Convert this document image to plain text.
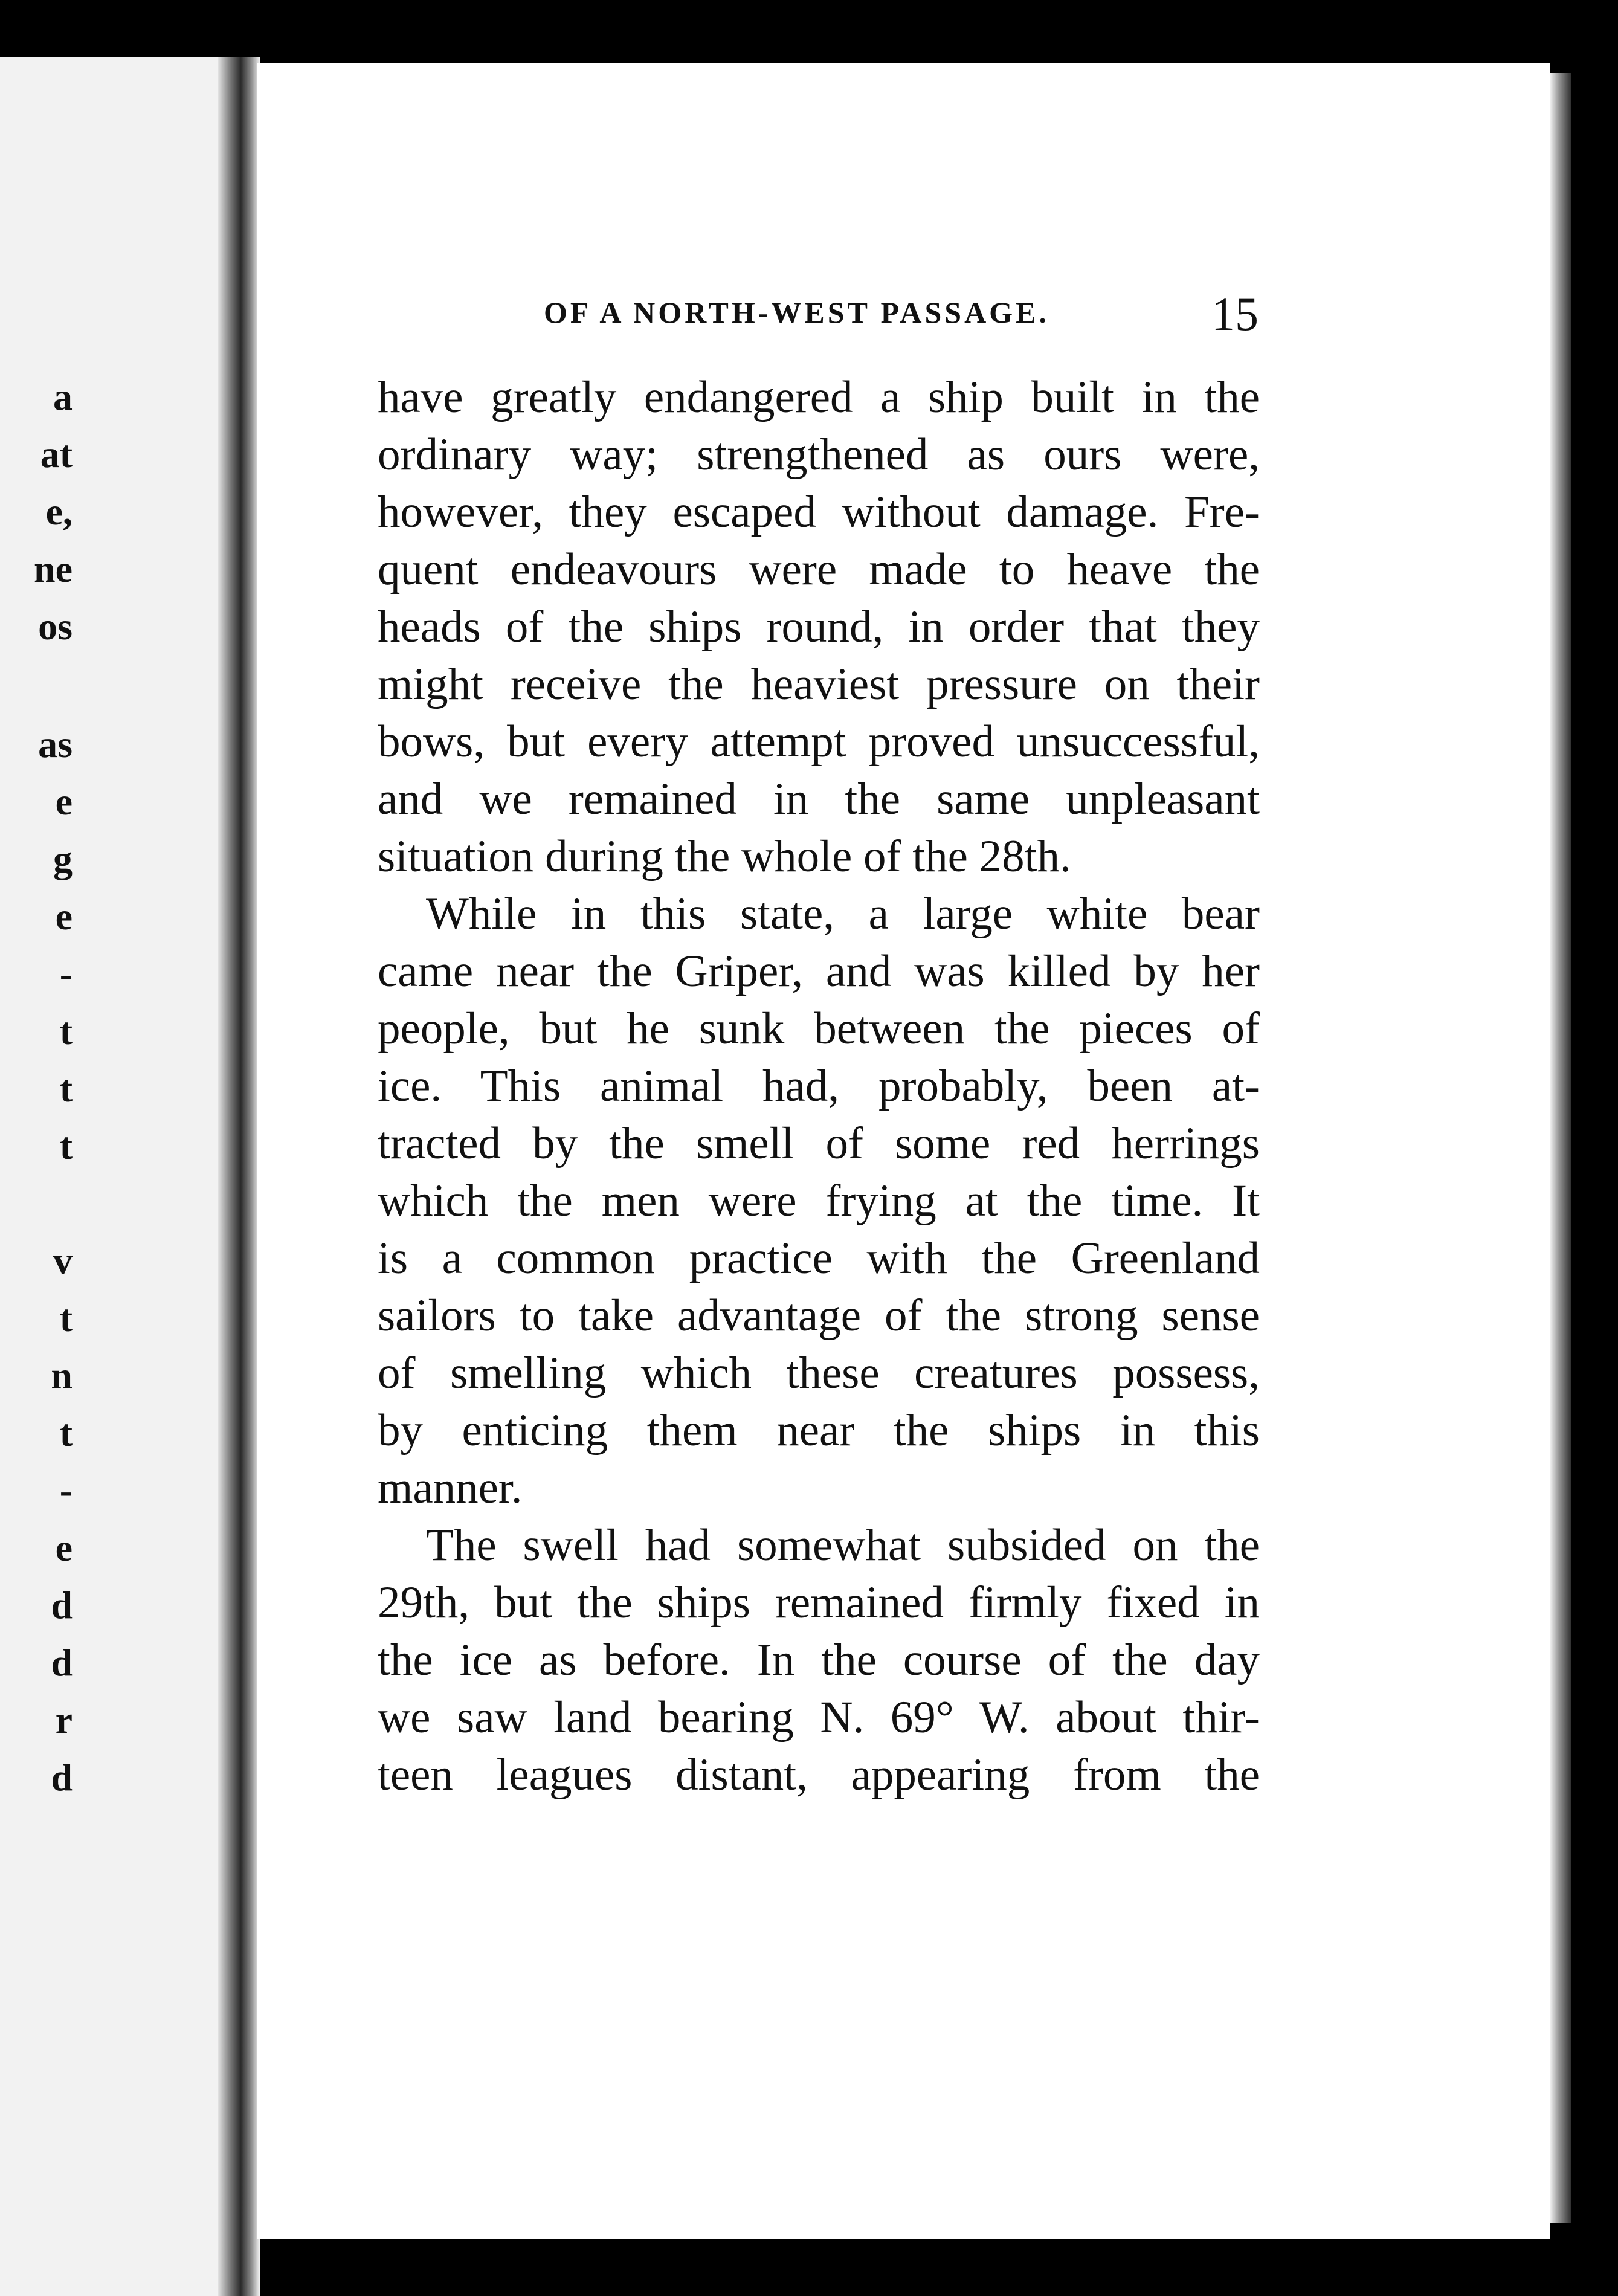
a
at
e,
ne
os
as
e
g
e
-
t
t
t
v
t
n
t
-
e
d
d
r
d
OF A NORTH-WEST PASSAGE.	15
have greatly endangered a ship built in the
ordinary way; strengthened as ours were,
however, they escaped without damage. Fre-
quent endeavours were made to heave the
heads of the ships round, in order that they
might receive the heaviest pressure on their
bows, but every attempt proved unsuccessful,
and we remained in the same unpleasant
situation during the whole of the 28th.
While in this state, a large white bear
came near the Griper, and was killed by her
people, but he sunk between the pieces of
ice. This animal had, probably, been at-
tracted by the smell of some red herrings
which the men were frying at the time. It
is a common practice with the Greenland
sailors to take advantage of the strong sense
of smelling which these creatures possess,
by enticing them near the ships in this
manner.
The swell had somewhat subsided on the
29th, but the ships remained firmly fixed in
the ice as before. In the course of the day
we saw land bearing N. 69° W. about thir-
teen leagues distant, appearing from the
